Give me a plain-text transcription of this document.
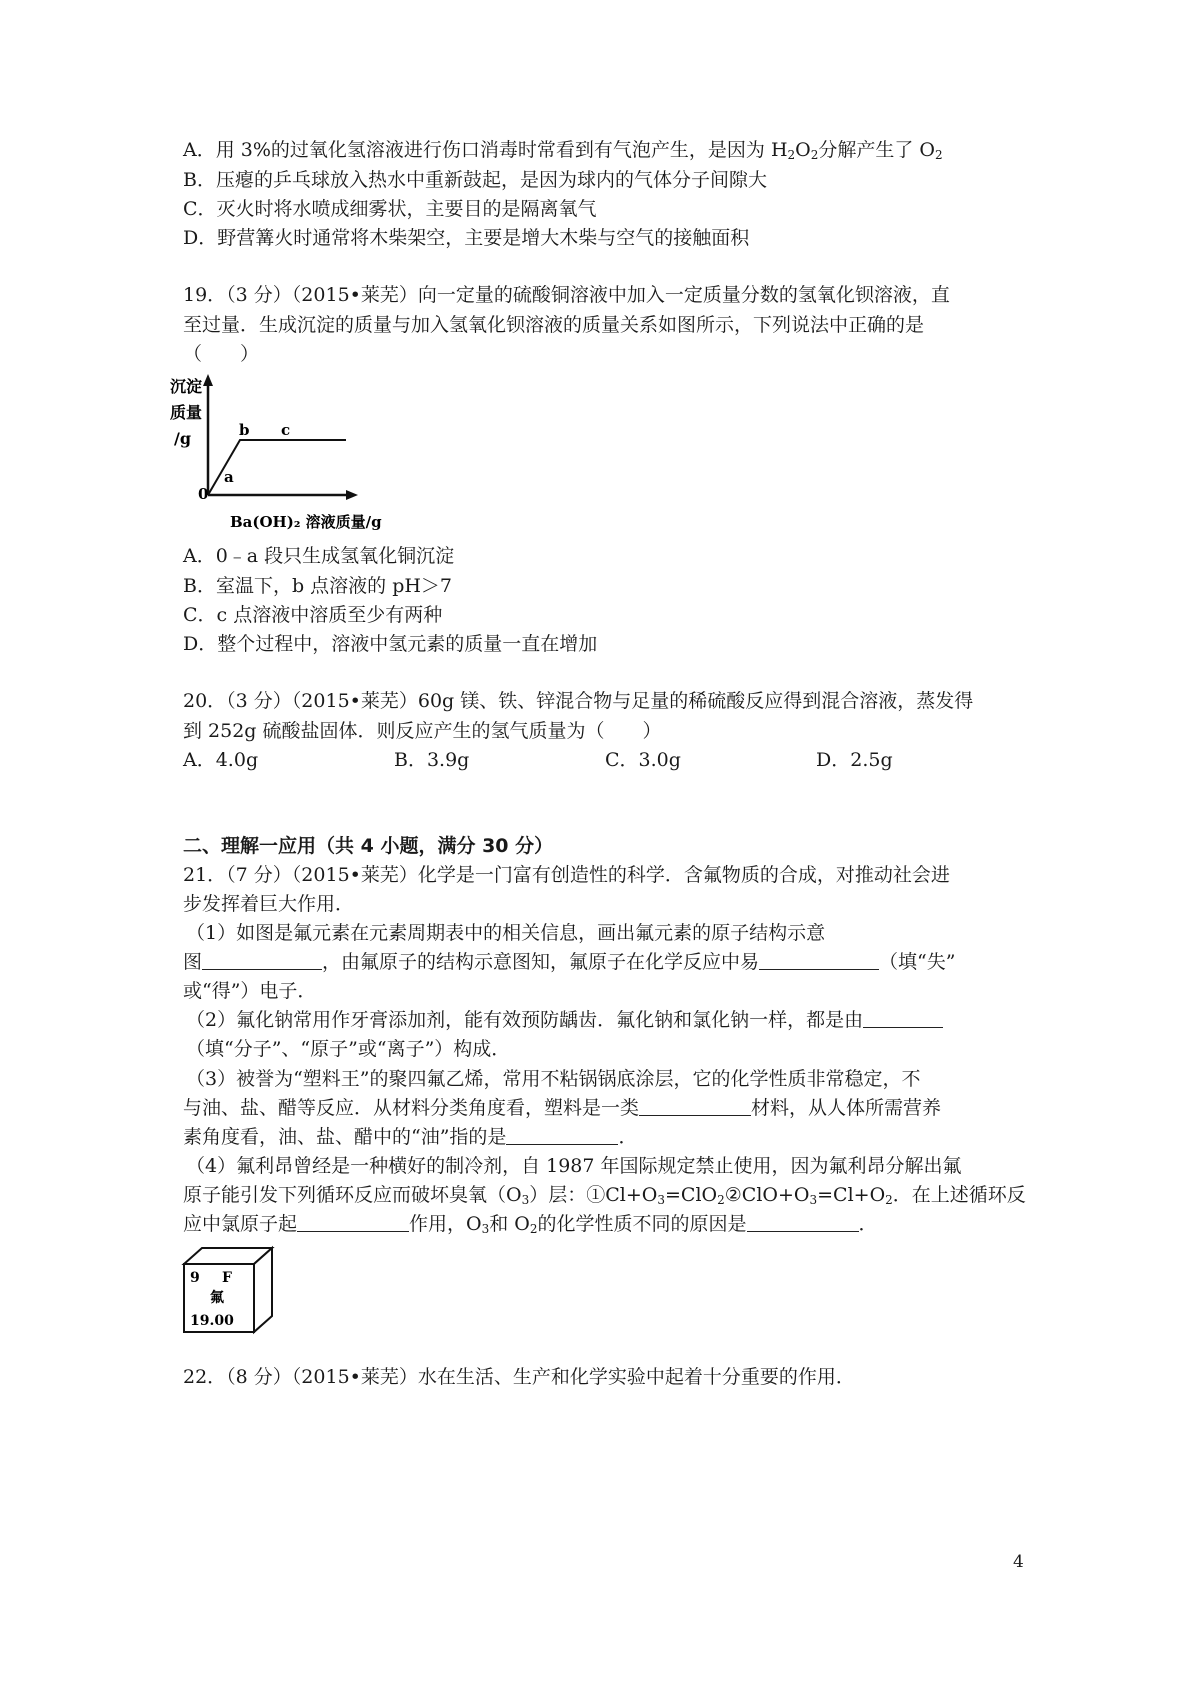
A．用 3%的过氧化氢溶液进行伤口消毒时常看到有气泡产生，是因为 $H_2O_2$分解产生了 $O_2$
B．压瘪的乒乓球放入热水中重新鼓起，是因为球内的气体分子间隙大
C．灭火时将水喷成细雾状，主要目的是隔离氧气
D．野营篝火时通常将木柴架空，主要是增大木柴与空气的接触面积
19．（3 分）（2015•莱芜）向一定量的硫酸铜溶液中加入一定质量分数的氢氧化钡溶液，直
至过量．生成沉淀的质量与加入氢氧化钡溶液的质量关系如图所示，下列说法中正确的是
（　　）
沉淀
质量
/g
0
a
b c
Ba(OH)₂ 溶液质量/g
A．0﹣a 段只生成氢氧化铜沉淀
B．室温下，b 点溶液的 pH＞7
C．c 点溶液中溶质至少有两种
D．整个过程中，溶液中氢元素的质量一直在增加
20．（3 分）（2015•莱芜）60g 镁、铁、锌混合物与足量的稀硫酸反应得到混合溶液，蒸发得
到 252g 硫酸盐固体．则反应产生的氢气质量为（　　）
A．4.0g	B．3.9g	C．3.0g	D．2.5g
二、理解一应用（共 4 小题，满分 30 分）
21．（7 分）（2015•莱芜）化学是一门富有创造性的科学．含氟物质的合成，对推动社会进
步发挥着巨大作用．
（1）如图是氟元素在元素周期表中的相关信息，画出氟元素的原子结构示意
图	，由氟原子的结构示意图知，氟原子在化学反应中易	（填“失”
或“得”）电子．
（2）氟化钠常用作牙膏添加剂，能有效预防龋齿．氟化钠和氯化钠一样，都是由
（填“分子”、“原子”或“离子”）构成．
（3）被誉为“塑料王”的聚四氟乙烯，常用不粘锅锅底涂层，它的化学性质非常稳定，不
与油、盐、醋等反应．从材料分类角度看，塑料是一类	材料，从人体所需营养
素角度看，油、盐、醋中的“油”指的是	．
（4）氟利昂曾经是一种横好的制冷剂，自 1987 年国际规定禁止使用，因为氟利昂分解出氟
原子能引发下列循环反应而破坏臭氧$(O_3)$层：$①Cl+O_3=ClO_2②ClO+O_3=Cl+O_2$．在上述循环反
应中氯原子起	作用，$O_3$和 $O_2$的化学性质不同的原因是	．
9 F
氟
19.00
22．（8 分）（2015•莱芜）水在生活、生产和化学实验中起着十分重要的作用．
4
